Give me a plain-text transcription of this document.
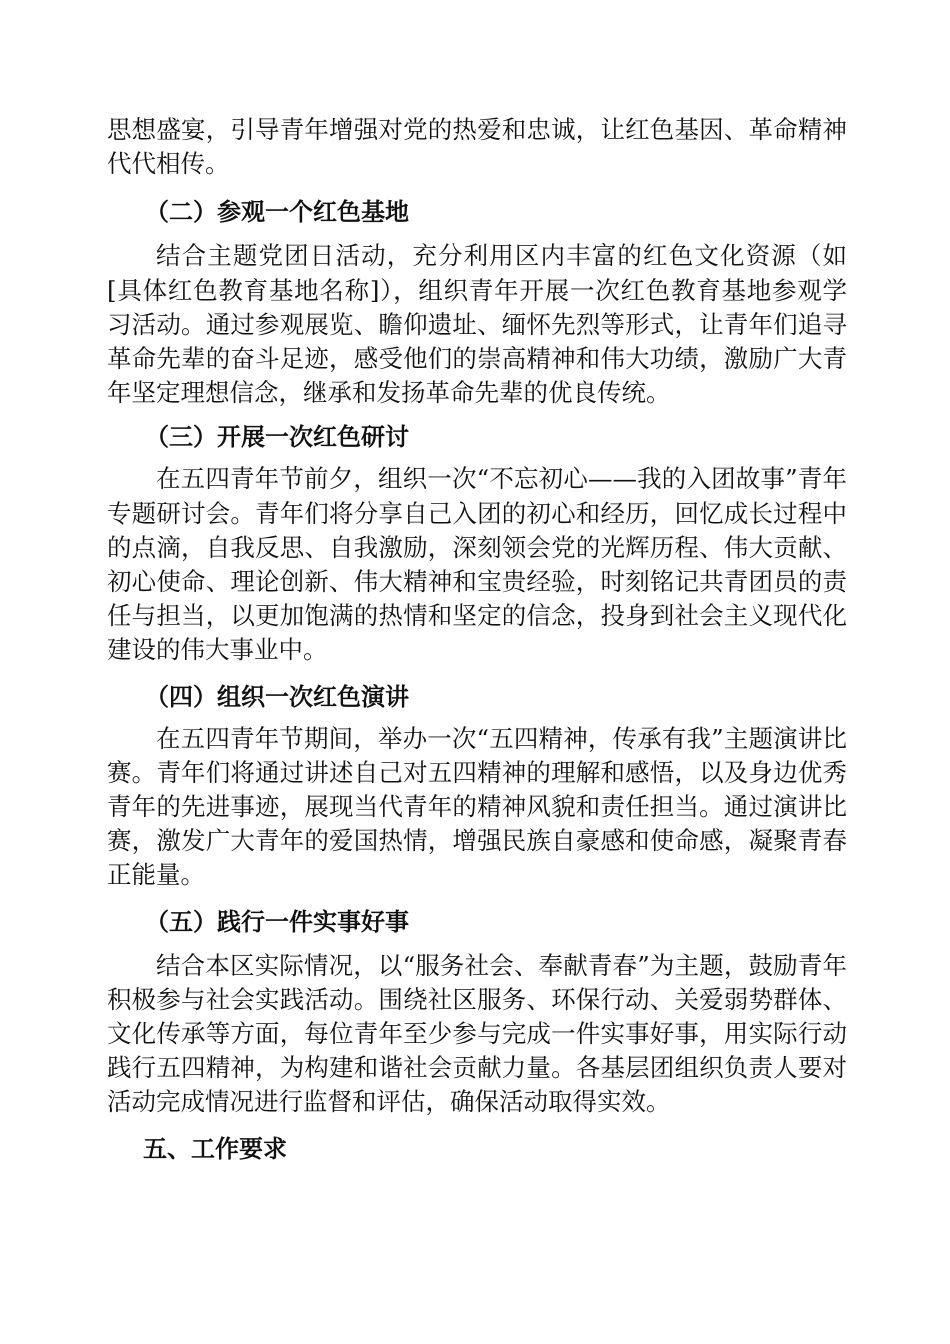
思想盛宴，引导青年增强对党的热爱和忠诚，让红色基因、革命精神代代相传。

（二）参观一个红色基地

结合主题党团日活动，充分利用区内丰富的红色文化资源（如[具体红色教育基地名称]），组织青年开展一次红色教育基地参观学习活动。通过参观展览、瞻仰遗址、缅怀先烈等形式，让青年们追寻革命先辈的奋斗足迹，感受他们的崇高精神和伟大功绩，激励广大青年坚定理想信念，继承和发扬革命先辈的优良传统。

（三）开展一次红色研讨

在五四青年节前夕，组织一次“不忘初心——我的入团故事”青年专题研讨会。青年们将分享自己入团的初心和经历，回忆成长过程中的点滴，自我反思、自我激励，深刻领会党的光辉历程、伟大贡献、初心使命、理论创新、伟大精神和宝贵经验，时刻铭记共青团员的责任与担当，以更加饱满的热情和坚定的信念，投身到社会主义现代化建设的伟大事业中。

（四）组织一次红色演讲

在五四青年节期间，举办一次“五四精神，传承有我”主题演讲比赛。青年们将通过讲述自己对五四精神的理解和感悟，以及身边优秀青年的先进事迹，展现当代青年的精神风貌和责任担当。通过演讲比赛，激发广大青年的爱国热情，增强民族自豪感和使命感，凝聚青春正能量。

（五）践行一件实事好事

结合本区实际情况，以“服务社会、奉献青春”为主题，鼓励青年积极参与社会实践活动。围绕社区服务、环保行动、关爱弱势群体、文化传承等方面，每位青年至少参与完成一件实事好事，用实际行动践行五四精神，为构建和谐社会贡献力量。各基层团组织负责人要对活动完成情况进行监督和评估，确保活动取得实效。

五、工作要求
